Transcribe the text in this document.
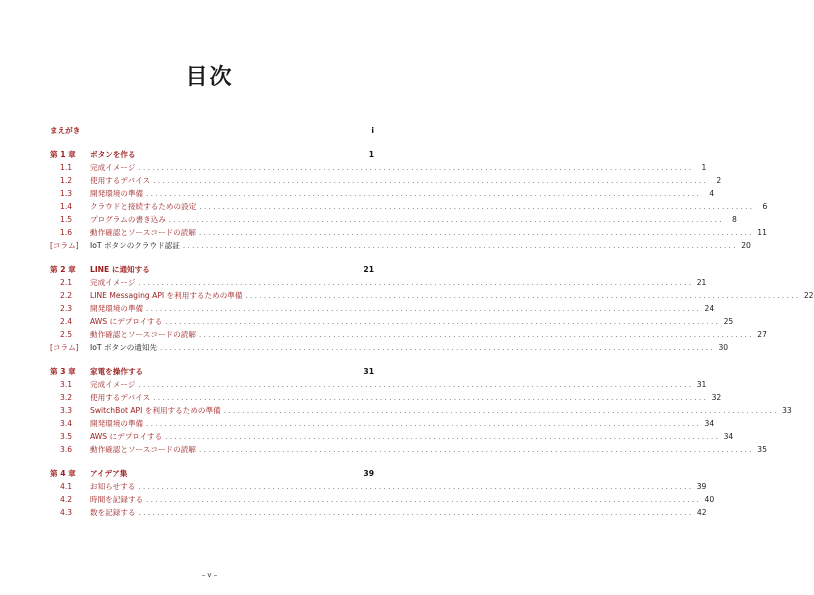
目次
まえがき	i
第 1 章 ボタンを作る	1
1.1 完成イメージ ........................................................................................................................	1
1.2 使用するデバイス ........................................................................................................................	2
1.3 開発環境の準備 ........................................................................................................................	4
1.4 クラウドと接続するための設定 ........................................................................................................................	6
1.5 プログラムの書き込み ........................................................................................................................	8
1.6 動作確認とソースコードの読解 ........................................................................................................................ 11
[コラム] IoT ボタンのクラウド認証 ........................................................................................................................ 20
第 2 章 LINE に通知する	21
2.1 完成イメージ ........................................................................................................................ 21
2.2 LINE Messaging API を利用するための準備 ........................................................................................................................ 22
2.3 開発環境の準備 ........................................................................................................................ 24
2.4 AWS にデプロイする ........................................................................................................................ 25
2.5 動作確認とソースコードの読解 ........................................................................................................................ 27
[コラム] IoT ボタンの通知先 ........................................................................................................................ 30
第 3 章 家電を操作する	31
3.1 完成イメージ ........................................................................................................................ 31
3.2 使用するデバイス ........................................................................................................................ 32
3.3 SwitchBot API を利用するための準備 ........................................................................................................................ 33
3.4 開発環境の準備 ........................................................................................................................ 34
3.5 AWS にデプロイする ........................................................................................................................ 34
3.6 動作確認とソースコードの読解 ........................................................................................................................ 35
第 4 章 アイデア集	39
4.1 お知らせする ........................................................................................................................ 39
4.2 時間を記録する ........................................................................................................................ 40
4.3 数を記録する ........................................................................................................................ 42
– v –
